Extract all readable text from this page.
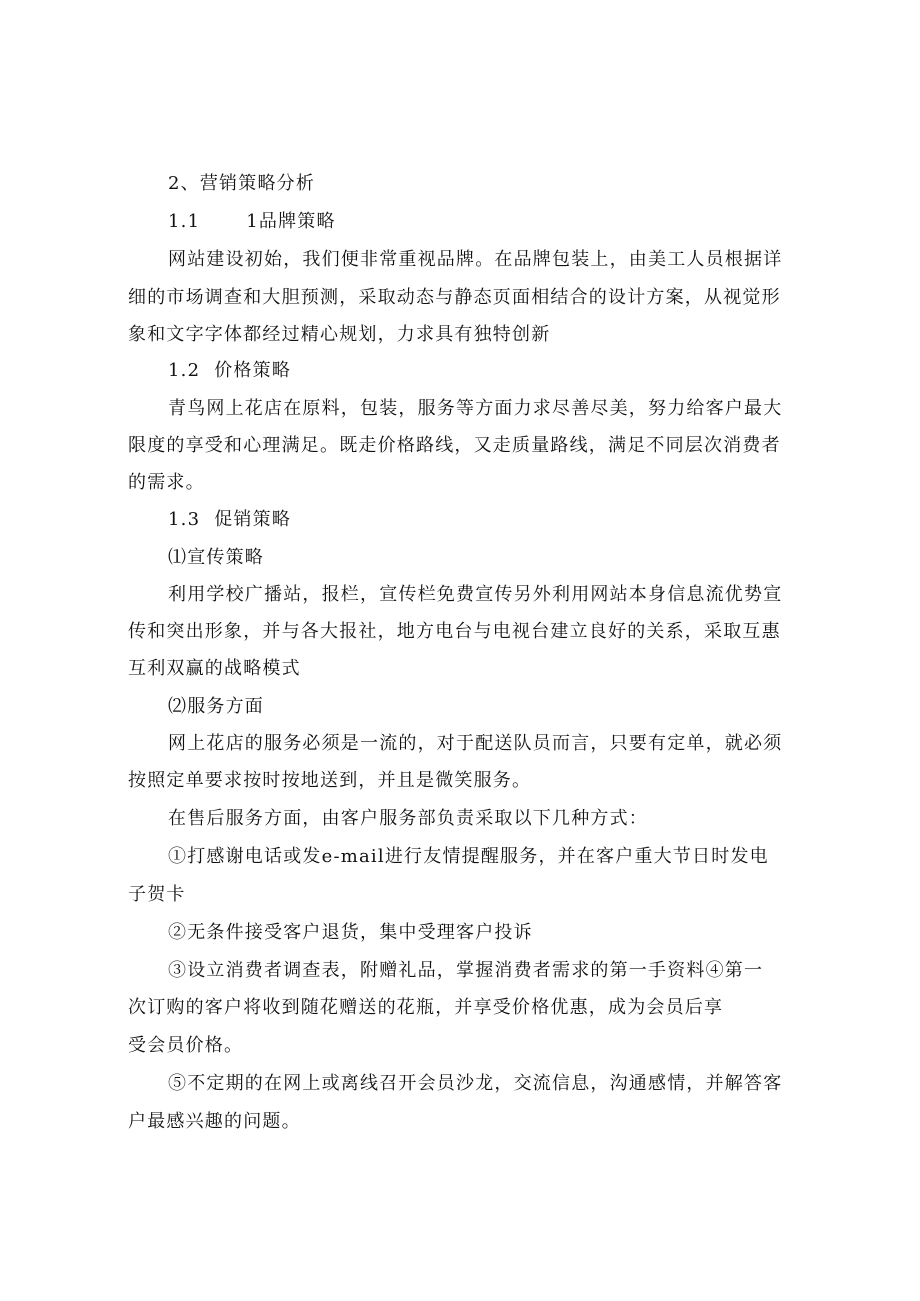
2、营销策略分析
1.1	1品牌策略
网站建设初始，我们便非常重视品牌。在品牌包装上，由美工人员根据详
细的市场调查和大胆预测，采取动态与静态页面相结合的设计方案，从视觉形
象和文字字体都经过精心规划，力求具有独特创新
1.2 价格策略
青鸟网上花店在原料，包装，服务等方面力求尽善尽美，努力给客户最大
限度的享受和心理满足。既走价格路线，又走质量路线，满足不同层次消费者
的需求。
1.3 促销策略
⑴宣传策略
利用学校广播站，报栏，宣传栏免费宣传另外利用网站本身信息流优势宣
传和突出形象，并与各大报社，地方电台与电视台建立良好的关系，采取互惠
互利双赢的战略模式
⑵服务方面
网上花店的服务必须是一流的，对于配送队员而言，只要有定单，就必须
按照定单要求按时按地送到，并且是微笑服务。
在售后服务方面，由客户服务部负责采取以下几种方式：
①打感谢电话或发e-mail进行友情提醒服务，并在客户重大节日时发电
子贺卡
②无条件接受客户退货，集中受理客户投诉
③设立消费者调查表，附赠礼品，掌握消费者需求的第一手资料④第一
次订购的客户将收到随花赠送的花瓶，并享受价格优惠，成为会员后享
受会员价格。
⑤不定期的在网上或离线召开会员沙龙，交流信息，沟通感情，并解答客
户最感兴趣的问题。
